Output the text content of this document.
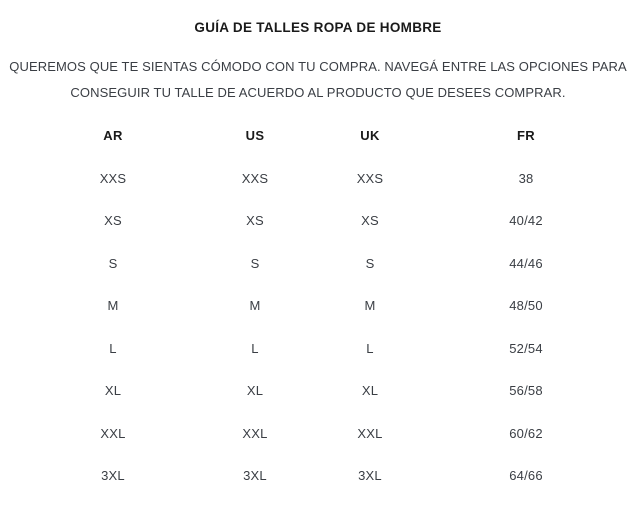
GUÍA DE TALLES ROPA DE HOMBRE
QUEREMOS QUE TE SIENTAS CÓMODO CON TU COMPRA. NAVEGÁ ENTRE LAS OPCIONES PARA
CONSEGUIR TU TALLE DE ACUERDO AL PRODUCTO QUE DESEES COMPRAR.
AR	US	UK	FR
XXS	XXS	XXS	38
XS	XS	XS	40/42
S	S	S	44/46
M	M	M	48/50
L	L	L	52/54
XL	XL	XL	56/58
XXL	XXL	XXL	60/62
3XL	3XL	3XL	64/66
